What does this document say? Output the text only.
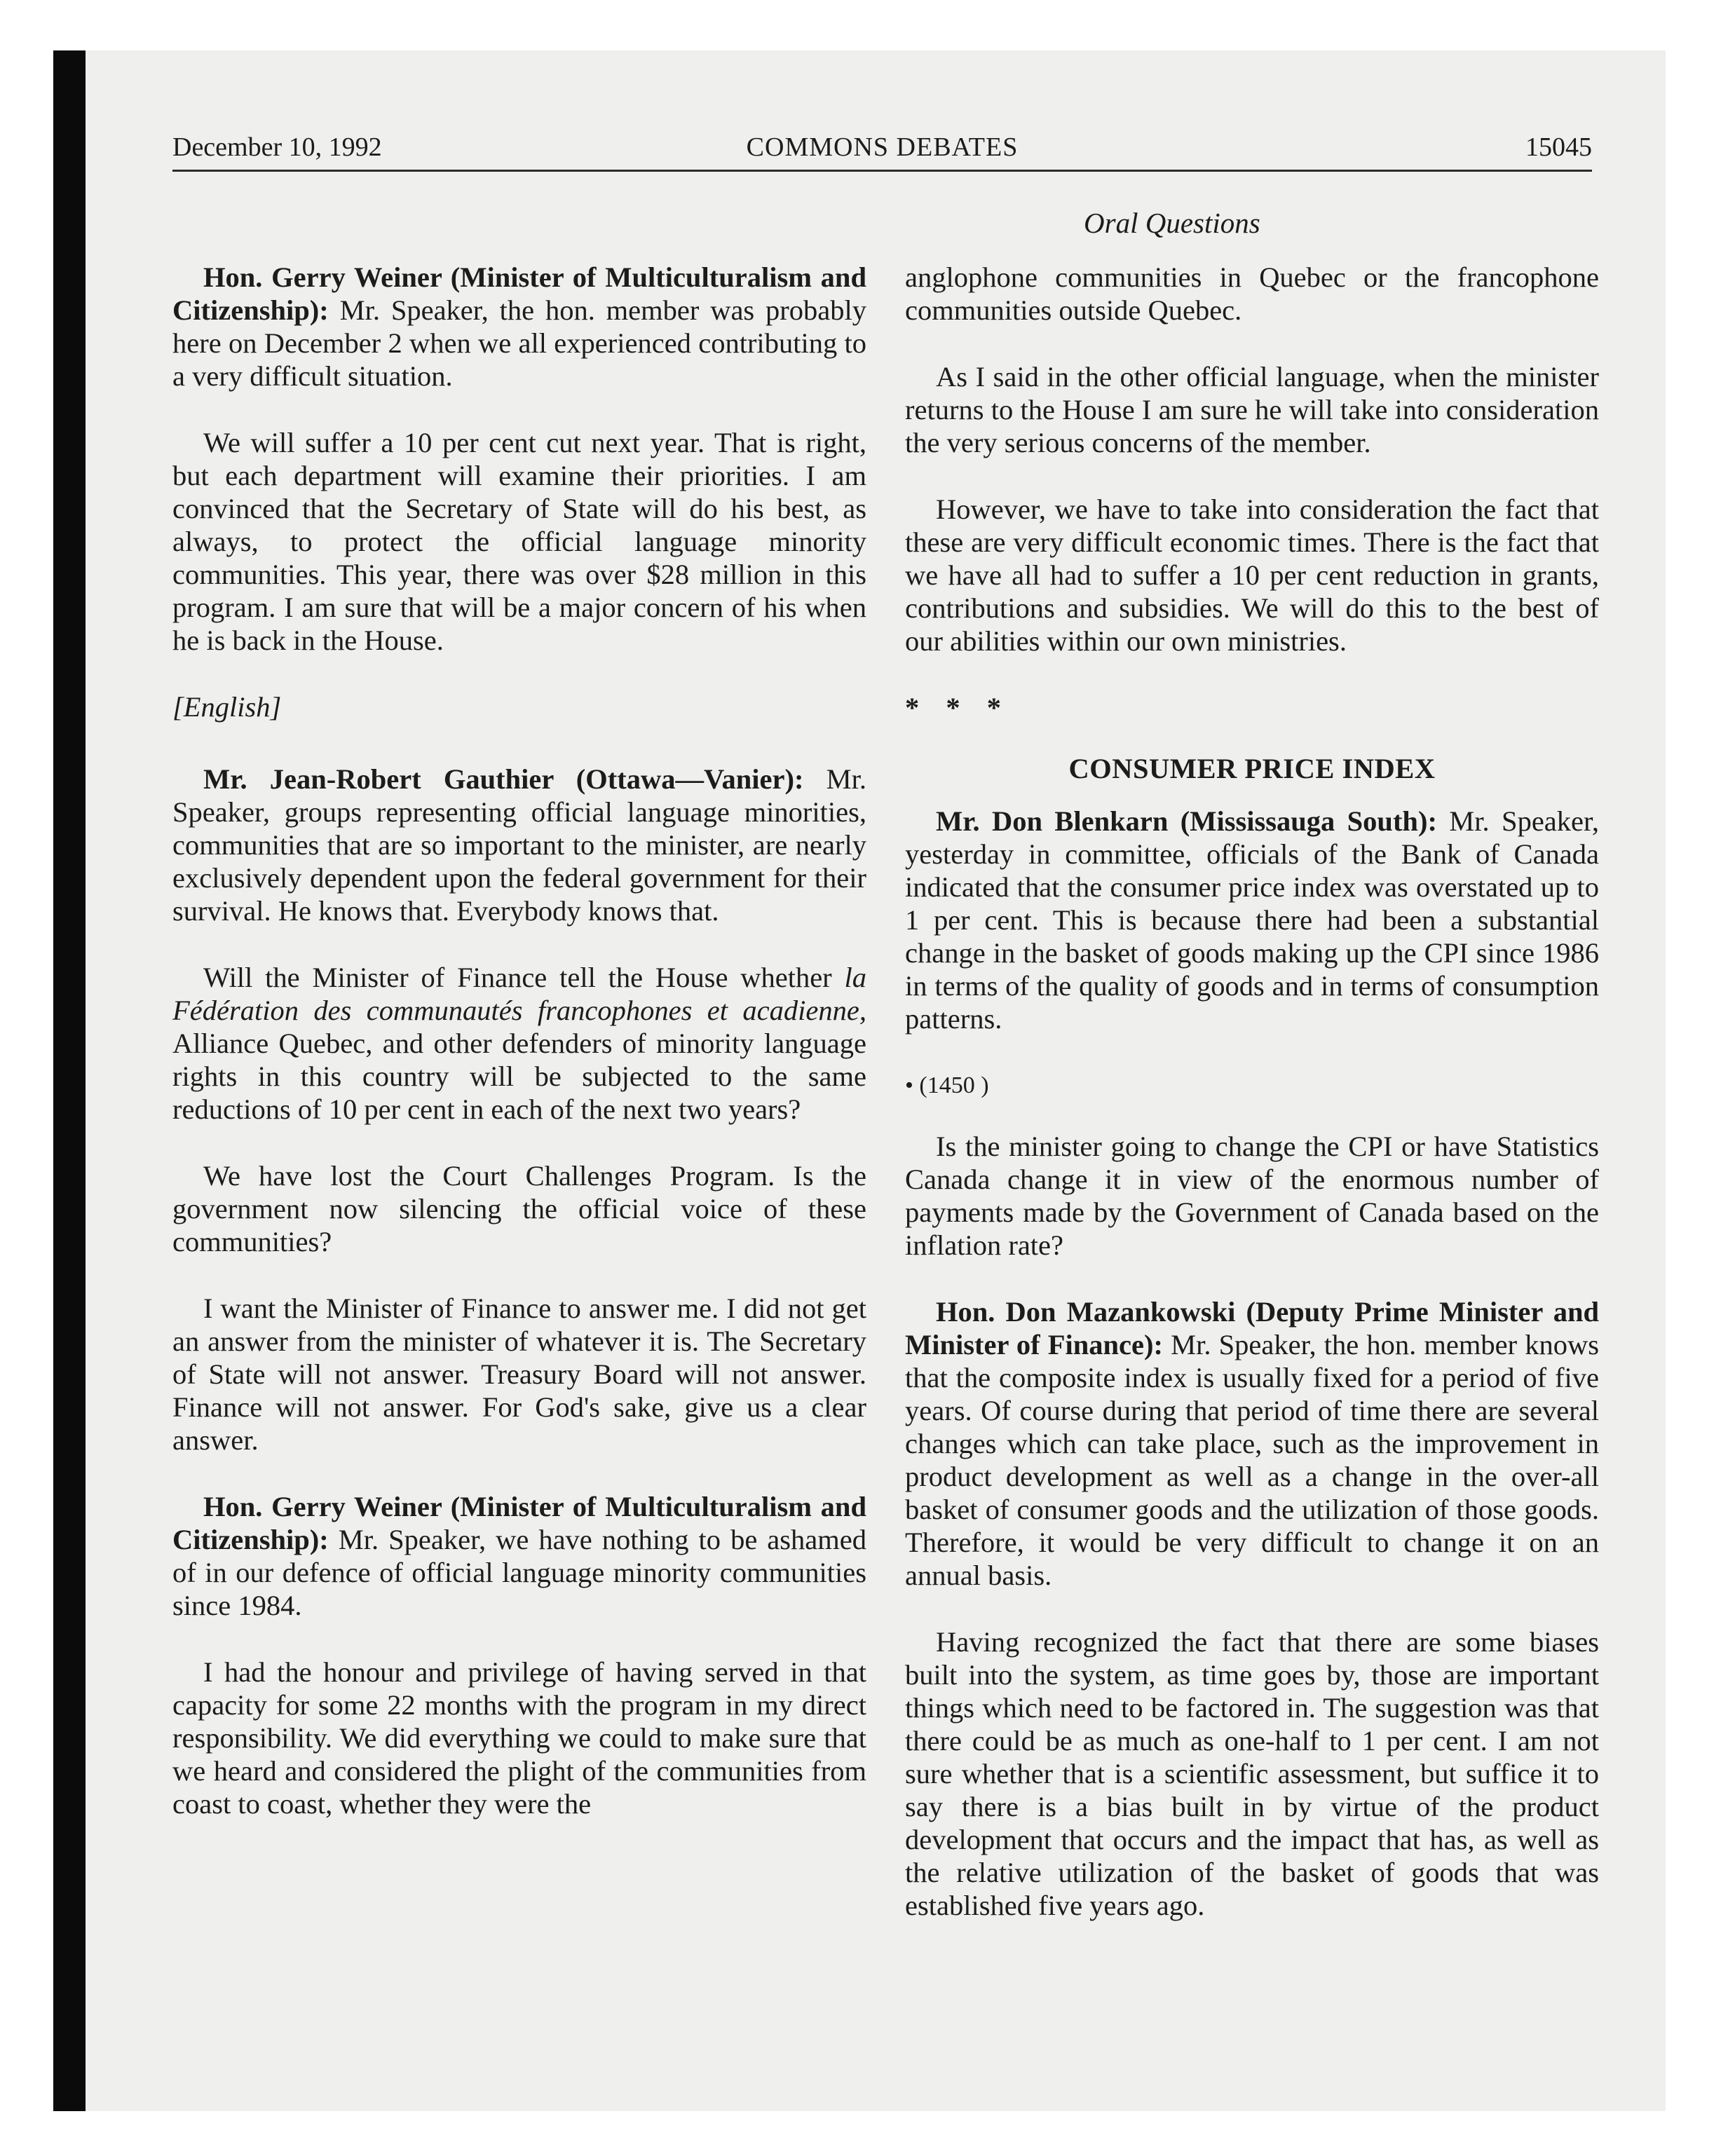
December 10, 1992	COMMONS DEBATES	15045
Oral Questions

Hon. Gerry Weiner (Minister of Multiculturalism and Citizenship): Mr. Speaker, the hon. member was probably here on December 2 when we all experienced contributing to a very difficult situation.

We will suffer a 10 per cent cut next year. That is right, but each department will examine their priorities. I am convinced that the Secretary of State will do his best, as always, to protect the official language minority communities. This year, there was over $28 million in this program. I am sure that will be a major concern of his when he is back in the House.

[English]

Mr. Jean-Robert Gauthier (Ottawa—Vanier): Mr. Speaker, groups representing official language minorities, communities that are so important to the minister, are nearly exclusively dependent upon the federal government for their survival. He knows that. Everybody knows that.

Will the Minister of Finance tell the House whether la Fédération des communautés francophones et acadienne, Alliance Quebec, and other defenders of minority language rights in this country will be subjected to the same reductions of 10 per cent in each of the next two years?

We have lost the Court Challenges Program. Is the government now silencing the official voice of these communities?

I want the Minister of Finance to answer me. I did not get an answer from the minister of whatever it is. The Secretary of State will not answer. Treasury Board will not answer. Finance will not answer. For God's sake, give us a clear answer.

Hon. Gerry Weiner (Minister of Multiculturalism and Citizenship): Mr. Speaker, we have nothing to be ashamed of in our defence of official language minority communities since 1984.

I had the honour and privilege of having served in that capacity for some 22 months with the program in my direct responsibility. We did everything we could to make sure that we heard and considered the plight of the communities from coast to coast, whether they were the

anglophone communities in Quebec or the francophone communities outside Quebec.

As I said in the other official language, when the minister returns to the House I am sure he will take into consideration the very serious concerns of the member.

However, we have to take into consideration the fact that these are very difficult economic times. There is the fact that we have all had to suffer a 10 per cent reduction in grants, contributions and subsidies. We will do this to the best of our abilities within our own ministries.

* * *

CONSUMER PRICE INDEX

Mr. Don Blenkarn (Mississauga South): Mr. Speaker, yesterday in committee, officials of the Bank of Canada indicated that the consumer price index was overstated up to 1 per cent. This is because there had been a substantial change in the basket of goods making up the CPI since 1986 in terms of the quality of goods and in terms of consumption patterns.

• (1450 )

Is the minister going to change the CPI or have Statistics Canada change it in view of the enormous number of payments made by the Government of Canada based on the inflation rate?

Hon. Don Mazankowski (Deputy Prime Minister and Minister of Finance): Mr. Speaker, the hon. member knows that the composite index is usually fixed for a period of five years. Of course during that period of time there are several changes which can take place, such as the improvement in product development as well as a change in the over-all basket of consumer goods and the utilization of those goods. Therefore, it would be very difficult to change it on an annual basis.

Having recognized the fact that there are some biases built into the system, as time goes by, those are important things which need to be factored in. The suggestion was that there could be as much as one-half to 1 per cent. I am not sure whether that is a scientific assessment, but suffice it to say there is a bias built in by virtue of the product development that occurs and the impact that has, as well as the relative utilization of the basket of goods that was established five years ago.
